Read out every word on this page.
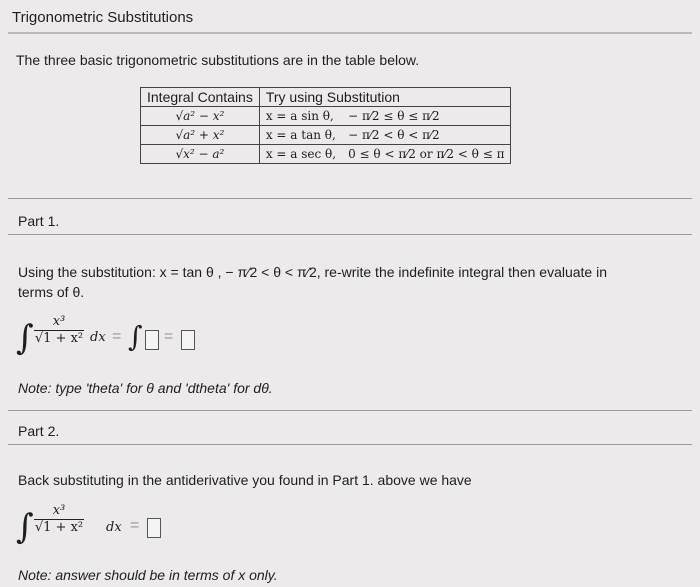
Trigonometric Substitutions
The three basic trigonometric substitutions are in the table below.
Integral Contains	Try using Substitution	
√a² − x²	x = a sin θ,	− π⁄2 ≤ θ ≤ π⁄2
√a² + x²	x = a tan θ,	− π⁄2 < θ < π⁄2
√x² − a²	x = a sec θ,	0 ≤ θ < π⁄2 or π⁄2 < θ ≤ π
Part 1.
Using the substitution: x = tan θ , − π⁄2 < θ < π⁄2, re-write the indefinite integral then evaluate in
terms of θ.
∫ $\frac{\text{x³}}{\text{√1 + x²}}$ dx = ∫ =
Note: type 'theta' for θ and 'dtheta' for dθ.
Part 2.
Back substituting in the antiderivative you found in Part 1. above we have
∫ $\frac{\text{x³}}{\text{√1 + x²}}$ dx =
Note: answer should be in terms of x only.
